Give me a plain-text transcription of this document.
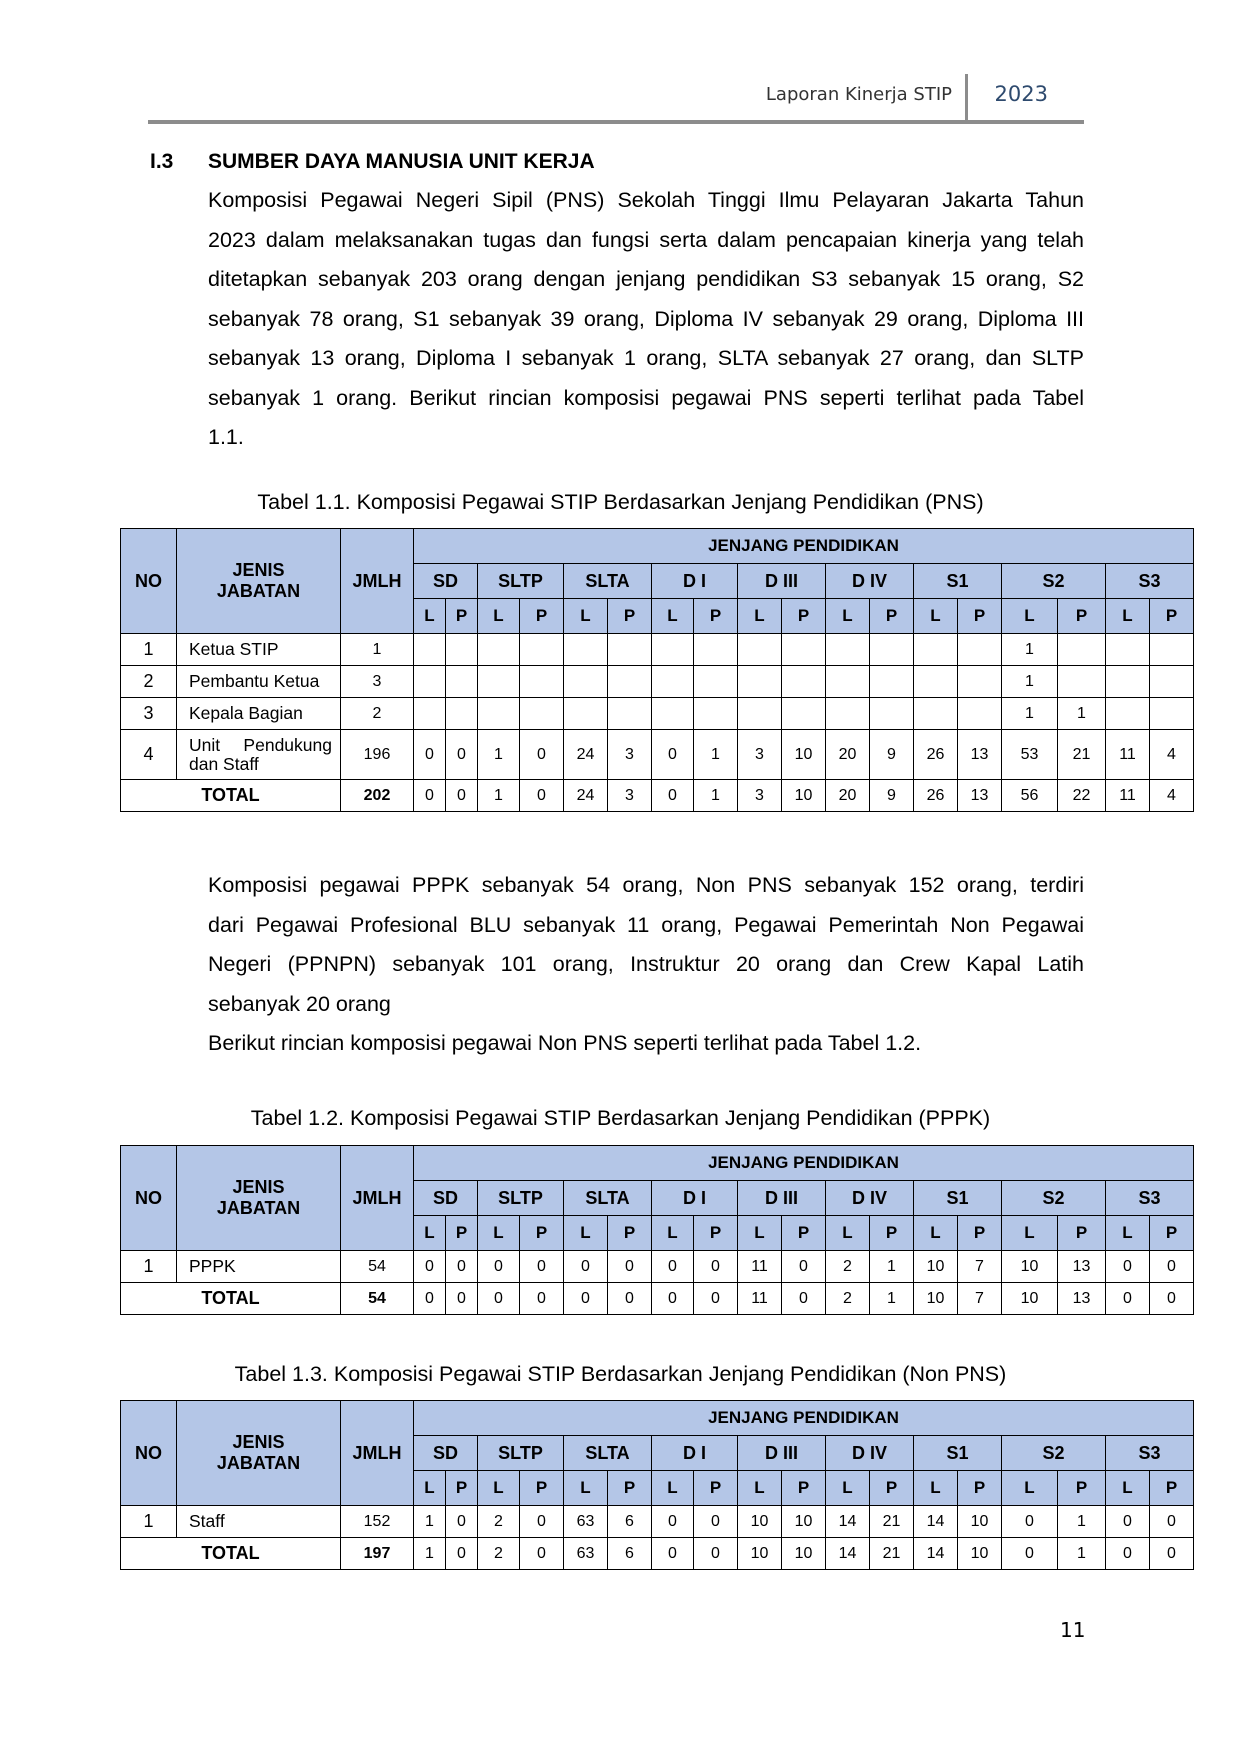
Laporan Kinerja STIP 2023
I.3 SUMBER DAYA MANUSIA UNIT KERJA

Komposisi Pegawai Negeri Sipil (PNS) Sekolah Tinggi Ilmu Pelayaran Jakarta Tahun
2023 dalam melaksanakan tugas dan fungsi serta dalam pencapaian kinerja yang telah
ditetapkan sebanyak 203 orang dengan jenjang pendidikan S3 sebanyak 15 orang, S2
sebanyak 78 orang, S1 sebanyak 39 orang, Diploma IV sebanyak 29 orang, Diploma III
sebanyak 13 orang, Diploma I sebanyak 1 orang, SLTA sebanyak 27 orang, dan SLTP
sebanyak 1 orang. Berikut rincian komposisi pegawai PNS seperti terlihat pada Tabel
1.1.

Tabel 1.1. Komposisi Pegawai STIP Berdasarkan Jenjang Pendidikan (PNS)
NO	JENIS JABATAN	JMLH	JENJANG PENDIDIKAN																	
			SD		SLTP		SLTA		D I		D III		D IV		S1		S2		S3	
			L	P	L	P	L	P	L	P	L	P	L	P	L	P	L	P	L	P
1	Ketua STIP	1															1			
2	Pembantu Ketua	3															1			
3	Kepala Bagian	2															1	1		
4	Unit Pendukung dan Staff	196	0	0	1	0	24	3	0	1	3	10	20	9	26	13	53	21	11	4
TOTAL		202	0	0	1	0	24	3	0	1	3	10	20	9	26	13	56	22	11	4

Komposisi pegawai PPPK sebanyak 54 orang, Non PNS sebanyak 152 orang, terdiri
dari Pegawai Profesional BLU sebanyak 11 orang, Pegawai Pemerintah Non Pegawai
Negeri (PPNPN) sebanyak 101 orang, Instruktur 20 orang dan Crew Kapal Latih
sebanyak 20 orang
Berikut rincian komposisi pegawai Non PNS seperti terlihat pada Tabel 1.2.

Tabel 1.2. Komposisi Pegawai STIP Berdasarkan Jenjang Pendidikan (PPPK)
NO	JENIS JABATAN	JMLH	JENJANG PENDIDIKAN																	
			SD		SLTP		SLTA		D I		D III		D IV		S1		S2		S3	
			L	P	L	P	L	P	L	P	L	P	L	P	L	P	L	P	L	P
1	PPPK	54	0	0	0	0	0	0	0	0	11	0	2	1	10	7	10	13	0	0
TOTAL		54	0	0	0	0	0	0	0	0	11	0	2	1	10	7	10	13	0	0
Tabel 1.3. Komposisi Pegawai STIP Berdasarkan Jenjang Pendidikan (Non PNS)
NO	JENIS JABATAN	JMLH	JENJANG PENDIDIKAN																	
			SD		SLTP		SLTA		D I		D III		D IV		S1		S2		S3	
			L	P	L	P	L	P	L	P	L	P	L	P	L	P	L	P	L	P
1	Staff	152	1	0	2	0	63	6	0	0	10	10	14	21	14	10	0	1	0	0
TOTAL		197	1	0	2	0	63	6	0	0	10	10	14	21	14	10	0	1	0	0
11
